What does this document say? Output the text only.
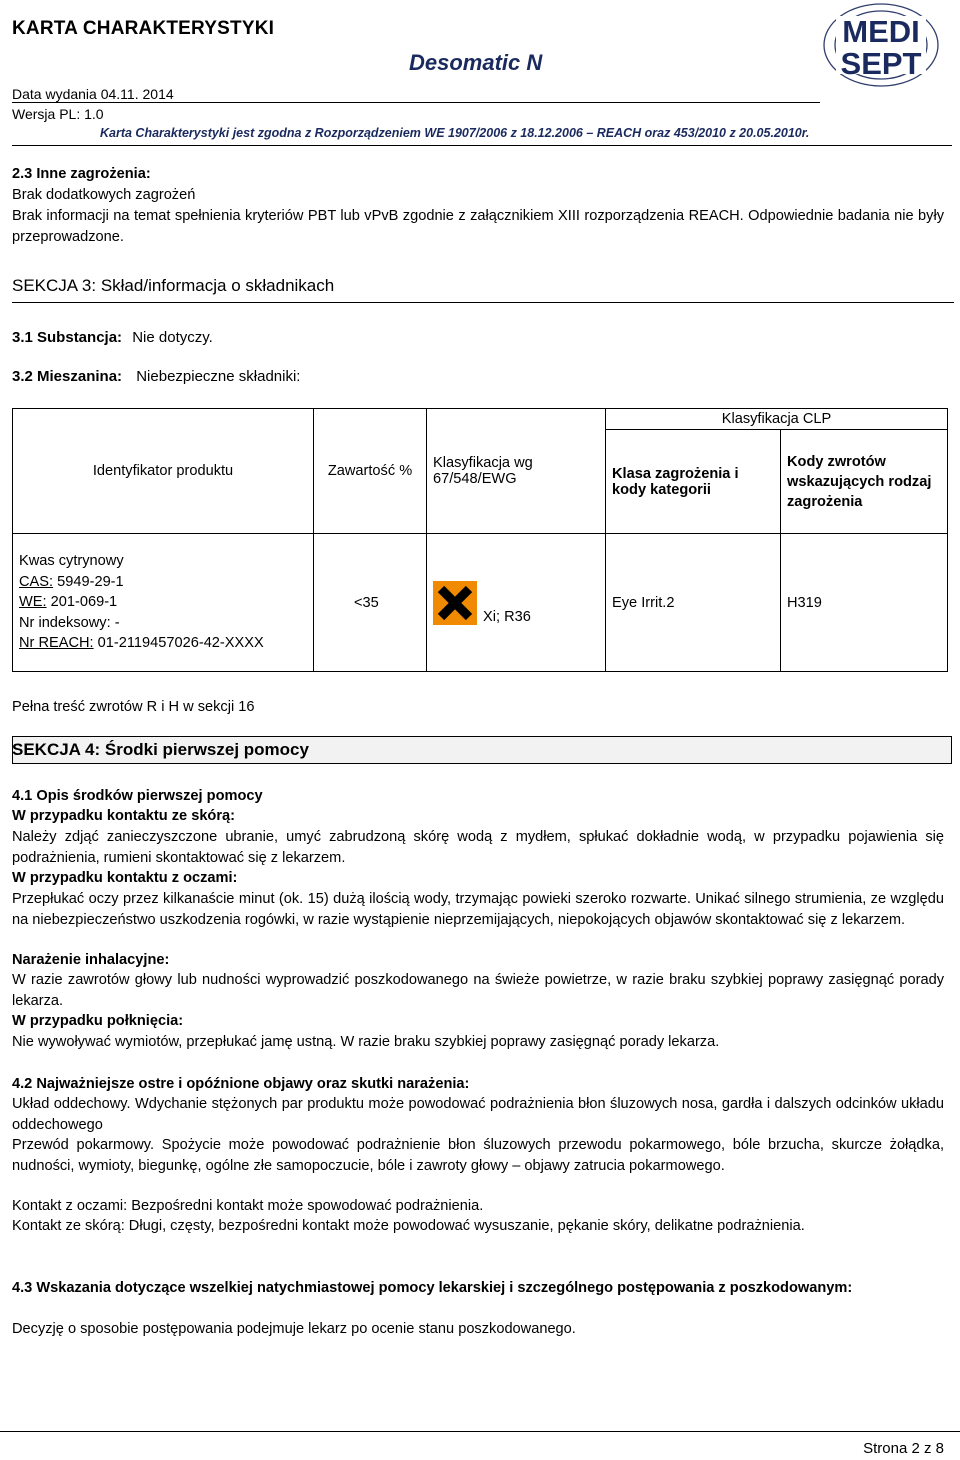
KARTA CHARAKTERYSTYKI
Desomatic N
Data wydania 04.11. 2014
Wersja PL: 1.0
Karta Charakterystyki jest zgodna z Rozporządzeniem WE 1907/2006 z 18.12.2006 – REACH oraz 453/2010 z 20.05.2010r.
MEDI
SEPT
2.3 Inne zagrożenia:
Brak dodatkowych zagrożeń
Brak informacji na temat spełnienia kryteriów PBT lub vPvB zgodnie z załącznikiem XIII rozporządzenia REACH. Odpowiednie badania nie były przeprowadzone.
SEKCJA 3: Skład/informacja o składnikach
3.1 Substancja: Nie dotyczy.
3.2 Mieszanina: Niebezpieczne składniki:
Identyfikator produktu	Zawartość %	Klasyfikacja wg 67/548/EWG	Klasyfikacja CLP	
			Klasa zagrożenia i kody kategorii	Kody zwrotów wskazujących rodzaj zagrożenia

Kwas cytrynowy
CAS: 5949-29-1
WE: 201-069-1
Nr indeksowy: -
Nr REACH: 01-2119457026-42-XXXX	<35	Xi; R36	Eye Irrit.2	H319
Pełna treść zwrotów R i H w sekcji 16
SEKCJA 4: Środki pierwszej pomocy
4.1 Opis środków pierwszej pomocy
W przypadku kontaktu ze skórą:
Należy zdjąć zanieczyszczone ubranie, umyć zabrudzoną skórę wodą z mydłem, spłukać dokładnie wodą, w przypadku pojawienia się podrażnienia, rumieni skontaktować się z lekarzem.
W przypadku kontaktu z oczami:
Przepłukać oczy przez kilkanaście minut (ok. 15) dużą ilością wody, trzymając powieki szeroko rozwarte. Unikać silnego strumienia, ze względu na niebezpieczeństwo uszkodzenia rogówki, w razie wystąpienie nieprzemijających, niepokojących objawów skontaktować się z lekarzem.
Narażenie inhalacyjne:
W razie zawrotów głowy lub nudności wyprowadzić poszkodowanego na świeże powietrze, w razie braku szybkiej poprawy zasięgnąć porady lekarza.
W przypadku połknięcia:
Nie wywoływać wymiotów, przepłukać jamę ustną. W razie braku szybkiej poprawy zasięgnąć porady lekarza.
4.2 Najważniejsze ostre i opóźnione objawy oraz skutki narażenia:
Układ oddechowy. Wdychanie stężonych par produktu może powodować podrażnienia błon śluzowych nosa, gardła i dalszych odcinków układu oddechowego
Przewód pokarmowy. Spożycie może powodować podrażnienie błon śluzowych przewodu pokarmowego, bóle brzucha, skurcze żołądka, nudności, wymioty, biegunkę, ogólne złe samopoczucie, bóle i zawroty głowy – objawy zatrucia pokarmowego.
Kontakt z oczami: Bezpośredni kontakt może spowodować podrażnienia.
Kontakt ze skórą: Długi, częsty, bezpośredni kontakt może powodować wysuszanie, pękanie skóry, delikatne podrażnienia.
4.3 Wskazania dotyczące wszelkiej natychmiastowej pomocy lekarskiej i szczególnego postępowania z poszkodowanym:
Decyzję o sposobie postępowania podejmuje lekarz po ocenie stanu poszkodowanego.
Strona 2 z 8
